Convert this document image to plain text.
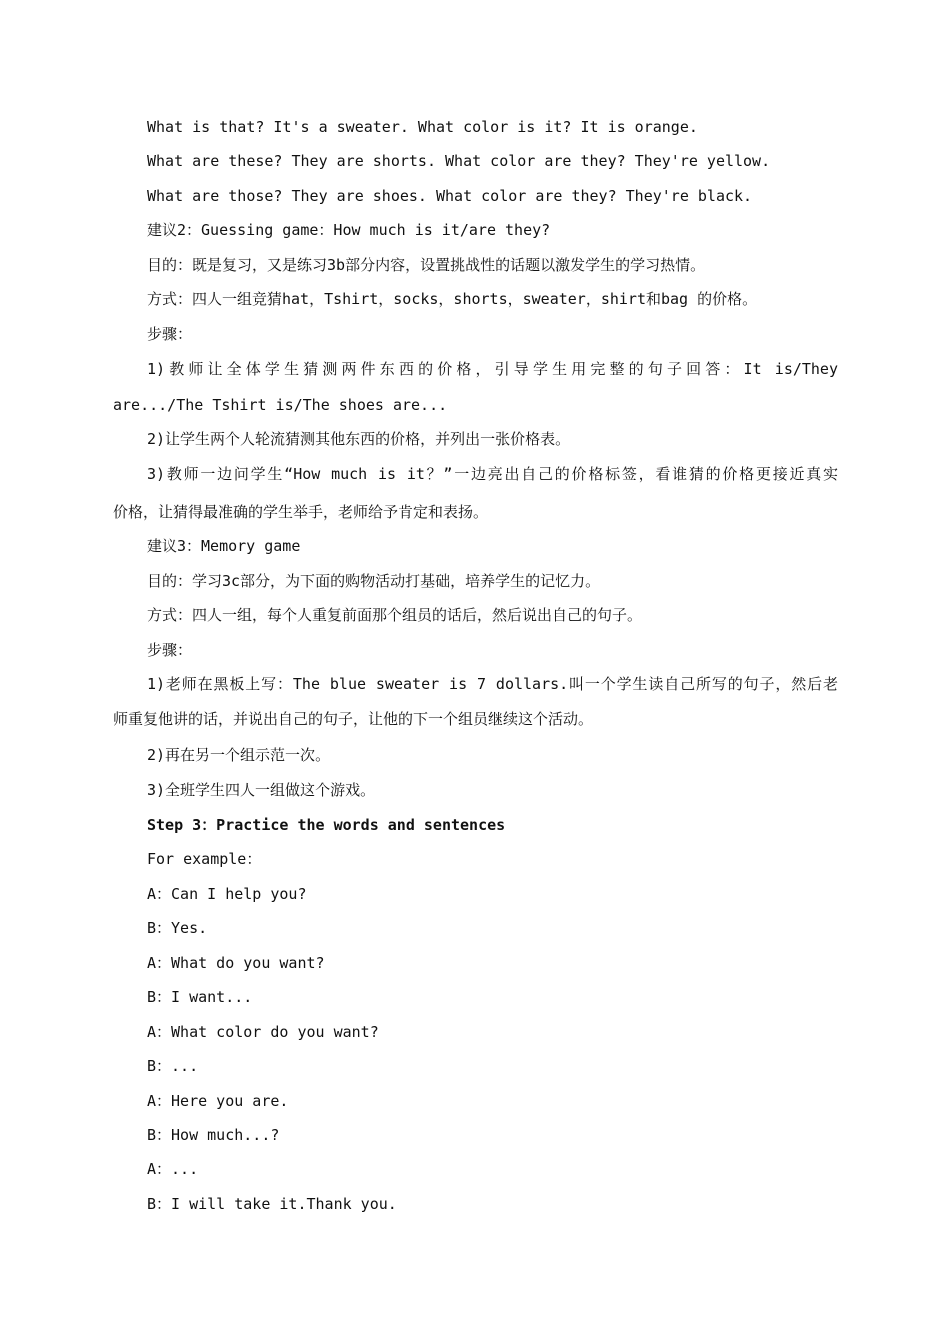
What is that? It's a sweater. What color is it? It is orange.
What are these? They are shorts. What color are they? They're yellow.
What are those? They are shoes. What color are they? They're black.
建议2：Guessing game：How much is it/are they?
目的：既是复习，又是练习3b部分内容，设置挑战性的话题以激发学生的学习热情。
方式：四人一组竞猜hat，Tshirt，socks，shorts，sweater，shirt和bag 的价格。
步骤：
1)教师让全体学生猜测两件东西的价格，引导学生用完整的句子回答：It is/They
are.../The Tshirt is/The shoes are...
2)让学生两个人轮流猜测其他东西的价格，并列出一张价格表。
3)教师一边问学生“How much is it？”一边亮出自己的价格标签，看谁猜的价格更接近真实
价格，让猜得最准确的学生举手，老师给予肯定和表扬。
建议3：Memory game
目的：学习3c部分，为下面的购物活动打基础，培养学生的记忆力。
方式：四人一组，每个人重复前面那个组员的话后，然后说出自己的句子。
步骤：
1)老师在黑板上写：The blue sweater is 7 dollars.叫一个学生读自己所写的句子，然后老
师重复他讲的话，并说出自己的句子，让他的下一个组员继续这个活动。
2)再在另一个组示范一次。
3)全班学生四人一组做这个游戏。
Step 3：Practice the words and sentences
For example：
A：Can I help you?
B：Yes.
A：What do you want?
B：I want...
A：What color do you want?
B：...
A：Here you are.
B：How much...?
A：...
B：I will take it.Thank you.
